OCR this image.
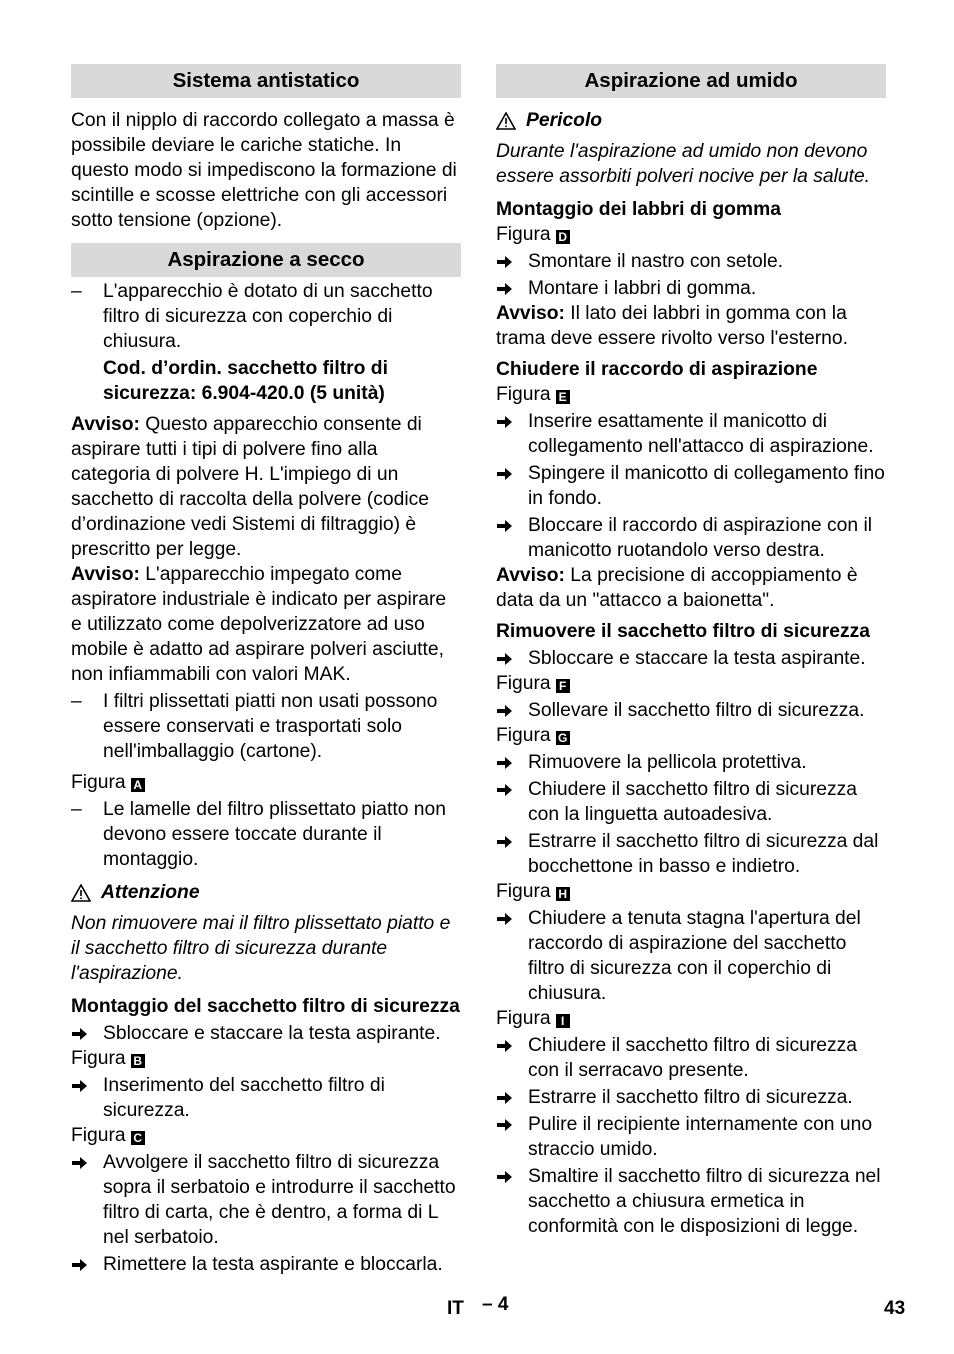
Sistema antistatico

Con il nipplo di raccordo collegato a massa è possibile deviare le cariche statiche. In questo modo si impediscono la formazione di scintille e scosse elettriche con gli accessori sotto tensione (opzione).

Aspirazione a secco
–	L'apparecchio è dotato di un sacchetto filtro di sicurezza con coperchio di chiusura.
Cod. d’ordin. sacchetto filtro di sicurezza: 6.904-420.0 (5 unità)

Avviso: Questo apparecchio consente di aspirare tutti i tipi di polvere fino alla categoria di polvere H. L'impiego di un sacchetto di raccolta della polvere (codice d’ordinazione vedi Sistemi di filtraggio) è prescritto per legge.

Avviso: L'apparecchio impegato come aspiratore industriale è indicato per aspirare e utilizzato come depolverizzatore ad uso mobile è adatto ad aspirare polveri asciutte, non infiammabili con valori MAK.

–	I filtri plissettati piatti non usati possono essere conservati e trasportati solo nell'imballaggio (cartone).

Figura A

–	Le lamelle del filtro plissettato piatto non devono essere toccate durante il montaggio.
Attenzione

Non rimuovere mai il filtro plissettato piatto e il sacchetto filtro di sicurezza durante l'aspirazione.

Montaggio del sacchetto filtro di sicurezza

Sbloccare e staccare la testa aspirante.

Figura B

Inserimento del sacchetto filtro di sicurezza.

Figura C

Avvolgere il sacchetto filtro di sicurezza sopra il serbatoio e introdurre il sacchetto filtro di carta, che è dentro, a forma di L nel serbatoio.
Rimettere la testa aspirante e bloccarla.
Aspirazione ad umido
Pericolo

Durante l'aspirazione ad umido non devono essere assorbiti polveri nocive per la salute.

Montaggio dei labbri di gomma

Figura D

Smontare il nastro con setole.
Montare i labbri di gomma.

Avviso: Il lato dei labbri in gomma con la trama deve essere rivolto verso l'esterno.

Chiudere il raccordo di aspirazione

Figura E

Inserire esattamente il manicotto di collegamento nell'attacco di aspirazione.
Spingere il manicotto di collegamento fino in fondo.
Bloccare il raccordo di aspirazione con il manicotto ruotandolo verso destra.

Avviso: La precisione di accoppiamento è data da un "attacco a baionetta".

Rimuovere il sacchetto filtro di sicurezza

Sbloccare e staccare la testa aspirante.

Figura F

Sollevare il sacchetto filtro di sicurezza.

Figura G

Rimuovere la pellicola protettiva.
Chiudere il sacchetto filtro di sicurezza con la linguetta autoadesiva.
Estrarre il sacchetto filtro di sicurezza dal bocchettone in basso e indietro.

Figura H

Chiudere a tenuta stagna l'apertura del raccordo di aspirazione del sacchetto filtro di sicurezza con il coperchio di chiusura.

Figura I

Chiudere il sacchetto filtro di sicurezza con il serracavo presente.
Estrarre il sacchetto filtro di sicurezza.
Pulire il recipiente internamente con uno straccio umido.
Smaltire il sacchetto filtro di sicurezza nel sacchetto a chiusura ermetica in conformità con le disposizioni di legge.
IT – 4	43
